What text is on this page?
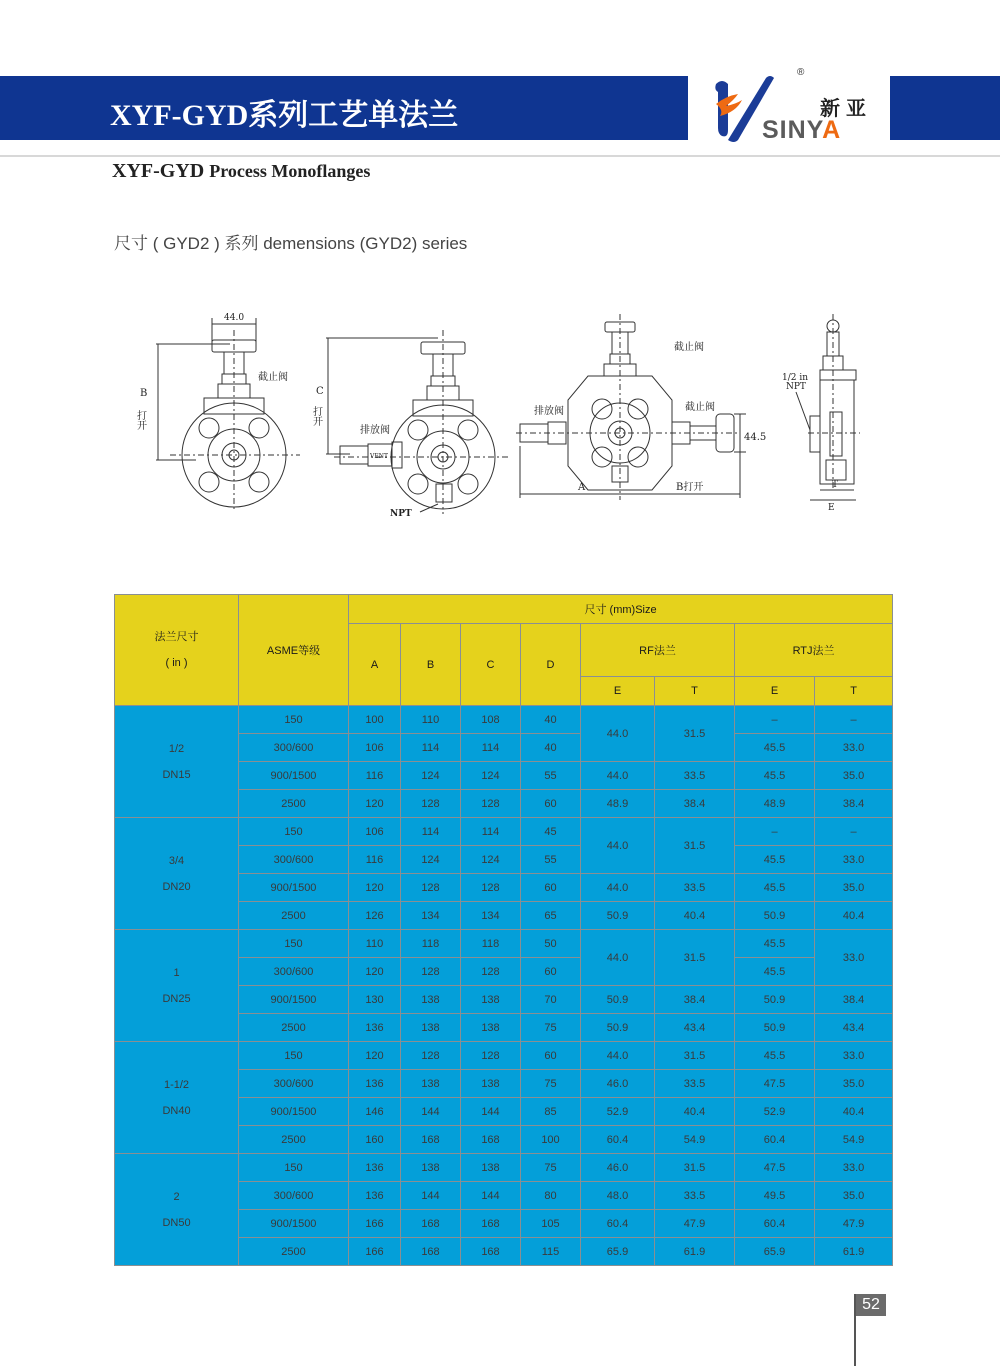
XYF-GYD系列工艺单法兰
®
新亚
SINYA
XYF-GYD Process Monoflanges
尺寸 ( GYD2 ) 系列 demensions (GYD2) series
44.0
B
打开
截止阀
C
打开
VENT
排放阀
NPT
截止阀
排放阀	截止阀
44.5
A	B打开
1/2 in
NPT
T
E
法兰尺寸
( in )	ASME等级	尺寸 (mm)Size							
		A	B	C	D	RF法兰		RTJ法兰	
						E	T	E	T

1/2
DN15	150	100	110	108	40	44.0	31.5	–	–
	300/600	106	114	114	40			45.5	33.0
	900/1500	116	124	124	55	44.0	33.5	45.5	35.0
	2500	120	128	128	60	48.9	38.4	48.9	38.4

3/4
DN20	150	106	114	114	45	44.0	31.5	–	–
	300/600	116	124	124	55			45.5	33.0
	900/1500	120	128	128	60	44.0	33.5	45.5	35.0
	2500	126	134	134	65	50.9	40.4	50.9	40.4

1
DN25	150	110	118	118	50	44.0	31.5	45.5	33.0
	300/600	120	128	128	60			45.5	
	900/1500	130	138	138	70	50.9	38.4	50.9	38.4
	2500	136	138	138	75	50.9	43.4	50.9	43.4

1-1/2
DN40	150	120	128	128	60	44.0	31.5	45.5	33.0
	300/600	136	138	138	75	46.0	33.5	47.5	35.0
	900/1500	146	144	144	85	52.9	40.4	52.9	40.4
	2500	160	168	168	100	60.4	54.9	60.4	54.9

2
DN50	150	136	138	138	75	46.0	31.5	47.5	33.0
	300/600	136	144	144	80	48.0	33.5	49.5	35.0
	900/1500	166	168	168	105	60.4	47.9	60.4	47.9
	2500	166	168	168	115	65.9	61.9	65.9	61.9
52
